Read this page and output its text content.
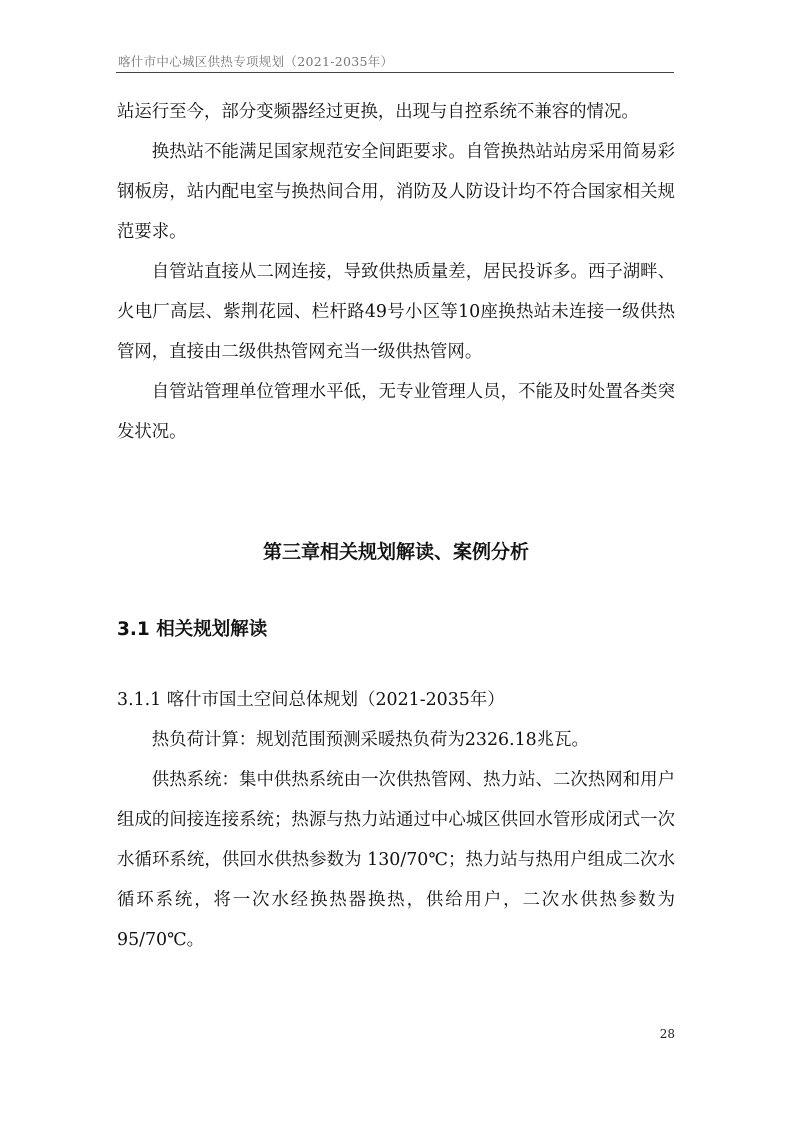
喀什市中心城区供热专项规划（2021-2035年）

站运行至今，部分变频器经过更换，出现与自控系统不兼容的情况。

换热站不能满足国家规范安全间距要求。自管换热站站房采用简易彩钢板房，站内配电室与换热间合用，消防及人防设计均不符合国家相关规范要求。

自管站直接从二网连接，导致供热质量差，居民投诉多。西子湖畔、火电厂高层、紫荆花园、栏杆路49号小区等10座换热站未连接一级供热管网，直接由二级供热管网充当一级供热管网。

自管站管理单位管理水平低，无专业管理人员，不能及时处置各类突发状况。

第三章相关规划解读、案例分析
3.1 相关规划解读
3.1.1 喀什市国土空间总体规划（2021-2035年）

热负荷计算：规划范围预测采暖热负荷为2326.18兆瓦。

供热系统：集中供热系统由一次供热管网、热力站、二次热网和用户组成的间接连接系统；热源与热力站通过中心城区供回水管形成闭式一次水循环系统，供回水供热参数为 130/70℃；热力站与热用户组成二次水循环系统，将一次水经换热器换热，供给用户，二次水供热参数为95/70℃。

28
